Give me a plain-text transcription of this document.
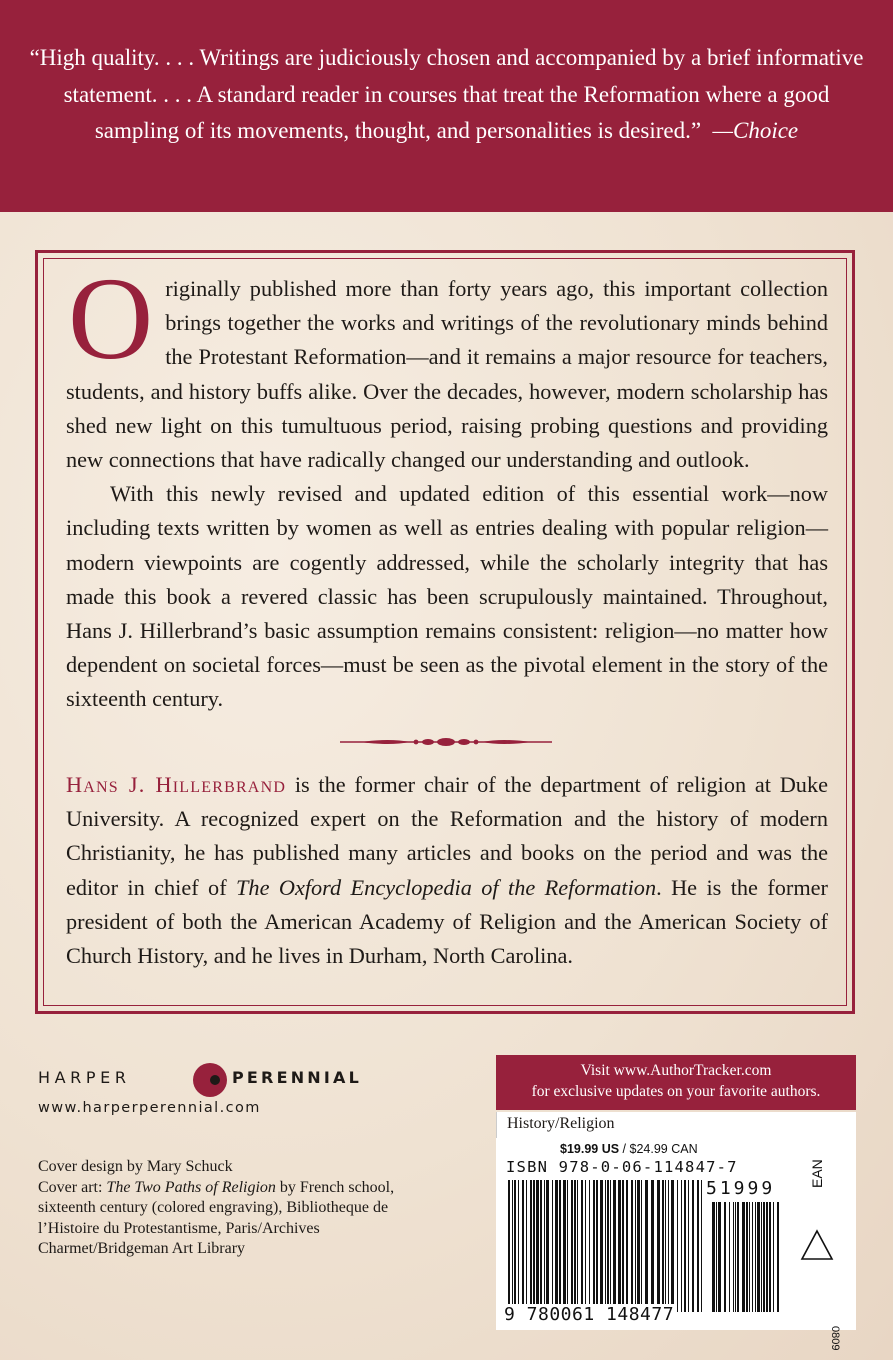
“High quality. . . . Writings are judiciously chosen and accompanied by a brief informative statement. . . . A standard reader in courses that treat the Reformation where a good sampling of its movements, thought, and personalities is desired.” —Choice

Originally published more than forty years ago, this important collection brings together the works and writings of the revolutionary minds behind the Protestant Reformation—and it remains a major resource for teachers, students, and history buffs alike. Over the decades, however, modern scholarship has shed new light on this tumultuous period, raising probing questions and providing new connections that have radically changed our understanding and outlook.

With this newly revised and updated edition of this essential work—now including texts written by women as well as entries dealing with popular religion—modern viewpoints are cogently addressed, while the scholarly integrity that has made this book a revered classic has been scrupulously maintained. Throughout, Hans J. Hillerbrand’s basic assumption remains consistent: religion—no matter how dependent on societal forces—must be seen as the pivotal element in the story of the sixteenth century.

Hans J. Hillerbrand is the former chair of the department of religion at Duke University. A recognized expert on the Reformation and the history of modern Christianity, he has published many articles and books on the period and was the editor in chief of The Oxford Encyclopedia of the Reformation. He is the former president of both the American Academy of Religion and the American Society of Church History, and he lives in Durham, North Carolina.
HARPER	PERENNIAL
www.harperperennial.com

Cover design by Mary Schuck

Cover art: The Two Paths of Religion by French school, sixteenth century (colored engraving), Bibliotheque de l’Histoire du Protestantisme, Paris/Archives Charmet/Bridgeman Art Library

Visit www.AuthorTracker.com
for exclusive updates on your favorite authors.
History/Religion
$19.99 US / $24.99 CAN
ISBN 978-0-06-114847-7
51999
9 780061 148477
EAN
0809
